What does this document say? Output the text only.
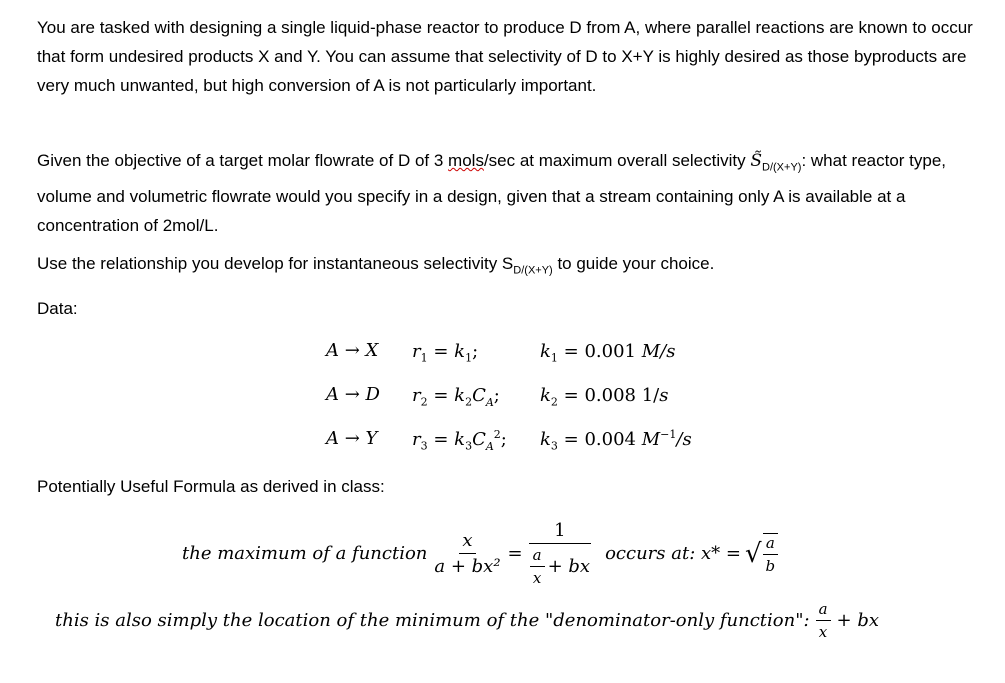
You are tasked with designing a single liquid-phase reactor to produce D from A, where parallel reactions are known to occur that form undesired products X and Y. You can assume that selectivity of D to X+Y is highly desired as those byproducts are very much unwanted, but high conversion of A is not particularly important.
Given the objective of a target molar flowrate of D of 3 mols/sec at maximum overall selectivity $S̃_{D/(X+Y)}$: what reactor type, volume and volumetric flowrate would you specify in a design, given that a stream containing only A is available at a concentration of 2mol/L.
Use the relationship you develop for instantaneous selectivity $S_{D/(X+Y)}$ to guide your choice.
Data:
A → X $r_1 = k_1$;	$k_1 = 0.001$ M/s
A → D $r_2 = k_2C_A$; $k_2 = 0.008$ 1/s
A → Y $r_3 = k_3C_A^2$; $k_3 = 0.004$ $M^{-1}/s$
Potentially Useful Formula as derived in class:
the maximum of a function $\frac{x}{\text{a + bx²}} = \frac{1}{\frac{a}{x} + bx}$ occurs at: x* = √ $\frac{a}{b}$
this is also simply the location of the minimum of the "denominator-only function": $\frac{a}{x}$ + bx
